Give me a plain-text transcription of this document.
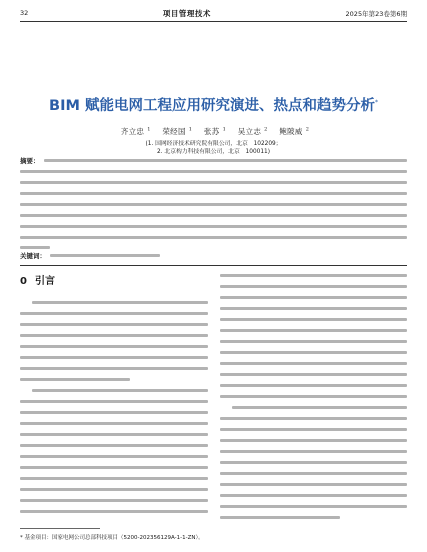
32	项目管理技术	2025年第23卷第6期
BIM 赋能电网工程应用研究演进、热点和趋势分析*
齐立忠 $^1$ 荣经国 $^1$ 张苏 $^1$ 吴立志 $^2$ 鲍陂威 $^2$
(1. 国网经济技术研究院有限公司，北京　102209；
2. 北京构力科技有限公司，北京　100011)
摘要：
关键词：
0 引言
* 基金项目：国家电网公司总部科技项目（5200-202356129A-1-1-ZN）。
